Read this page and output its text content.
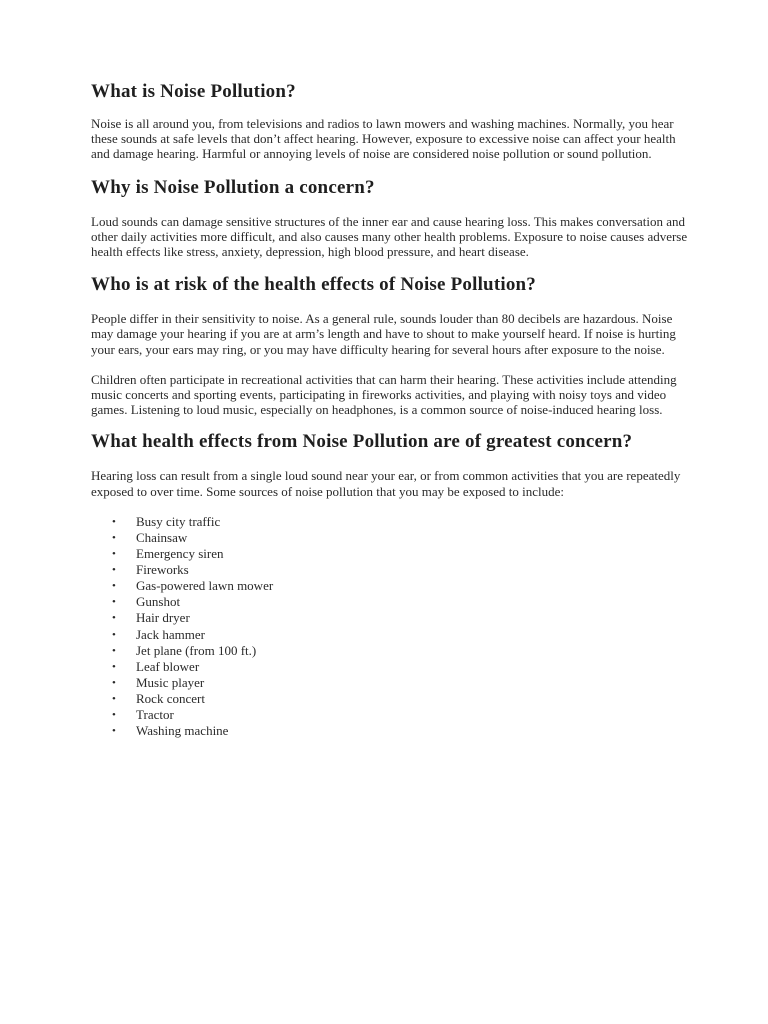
What is Noise Pollution?

Noise is all around you, from televisions and radios to lawn mowers and washing machines. Normally, you hear these sounds at safe levels that don’t affect hearing. However, exposure to excessive noise can affect your health and damage hearing. Harmful or annoying levels of noise are considered noise pollution or sound pollution.

Why is Noise Pollution a concern?

Loud sounds can damage sensitive structures of the inner ear and cause hearing loss. This makes conversation and other daily activities more difficult, and also causes many other health problems. Exposure to noise causes adverse health effects like stress, anxiety, depression, high blood pressure, and heart disease.

Who is at risk of the health effects of Noise Pollution?

People differ in their sensitivity to noise. As a general rule, sounds louder than 80 decibels are hazardous. Noise may damage your hearing if you are at arm’s length and have to shout to make yourself heard. If noise is hurting your ears, your ears may ring, or you may have difficulty hearing for several hours after exposure to the noise.

Children often participate in recreational activities that can harm their hearing. These activities include attending music concerts and sporting events, participating in fireworks activities, and playing with noisy toys and video games. Listening to loud music, especially on headphones, is a common source of noise-induced hearing loss.

What health effects from Noise Pollution are of greatest concern?

Hearing loss can result from a single loud sound near your ear, or from common activities that you are repeatedly exposed to over time. Some sources of noise pollution that you may be exposed to include:

• Busy city traffic
• Chainsaw
• Emergency siren
• Fireworks
• Gas-powered lawn mower
• Gunshot
• Hair dryer
• Jack hammer
• Jet plane (from 100 ft.)
• Leaf blower
• Music player
• Rock concert
• Tractor
• Washing machine
